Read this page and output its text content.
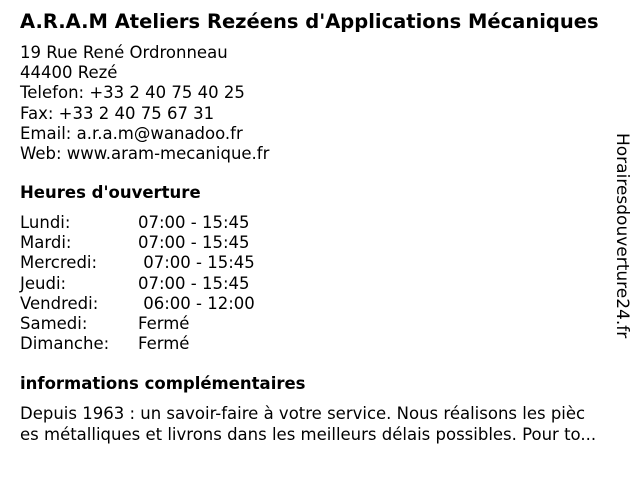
A.R.A.M Ateliers Rezéens d'Applications Mécaniques
19 Rue René Ordronneau
44400 Rezé
Telefon: +33 2 40 75 40 25
Fax: +33 2 40 75 67 31
Email: a.r.a.m@wanadoo.fr
Web: www.aram-mecanique.fr
Heures d'ouverture
Lundi:	07:00 - 15:45
Mardi:	07:00 - 15:45
Mercredi:	07:00 - 15:45
Jeudi:	07:00 - 15:45
Vendredi:	06:00 - 12:00
Samedi:	Fermé
Dimanche:	Fermé
informations complémentaires
Depuis 1963 : un savoir-faire à votre service. Nous réalisons les pièc
es métalliques et livrons dans les meilleurs délais possibles. Pour to...
Horairesdouverture24.fr
